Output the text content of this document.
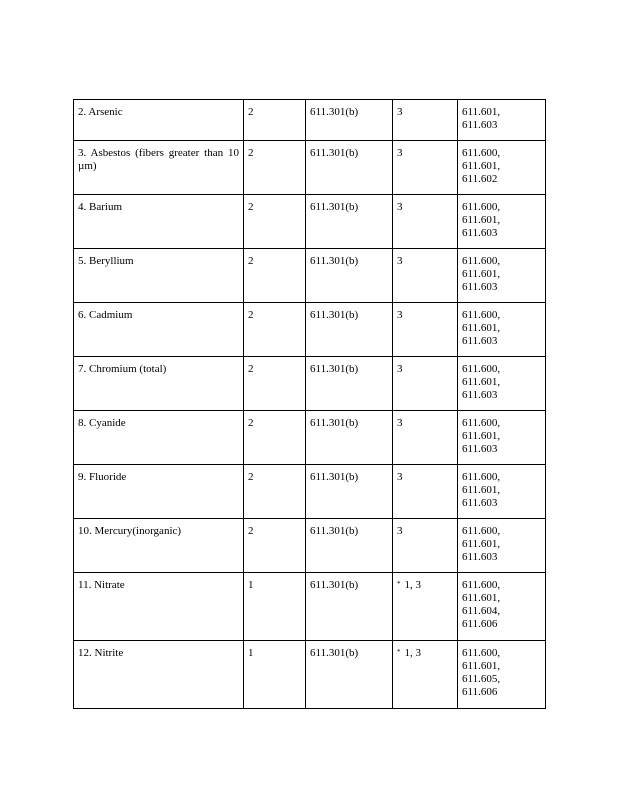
2. Arsenic	2	611.301(b)	3	611.601,
611.603

3. Asbestos (fibers greater than 10 µm)	2	611.301(b)	3	611.600,
611.601,
611.602

4. Barium	2	611.301(b)	3	611.600,
611.601,
611.603

5. Beryllium	2	611.301(b)	3	611.600,
611.601,
611.603

6. Cadmium	2	611.301(b)	3	611.600,
611.601,
611.603

7. Chromium (total)	2	611.301(b)	3	611.600,
611.601,
611.603

8. Cyanide	2	611.301(b)	3	611.600,
611.601,
611.603

9. Fluoride	2	611.301(b)	3	611.600,
611.601,
611.603

10. Mercury(inorganic)	2	611.301(b)	3	611.600,
611.601,
611.603

11. Nitrate	1	611.301(b)	* 1, 3	611.600,
611.601,
611.604,
611.606

12. Nitrite	1	611.301(b)	* 1, 3	611.600,
611.601,
611.605,
611.606
